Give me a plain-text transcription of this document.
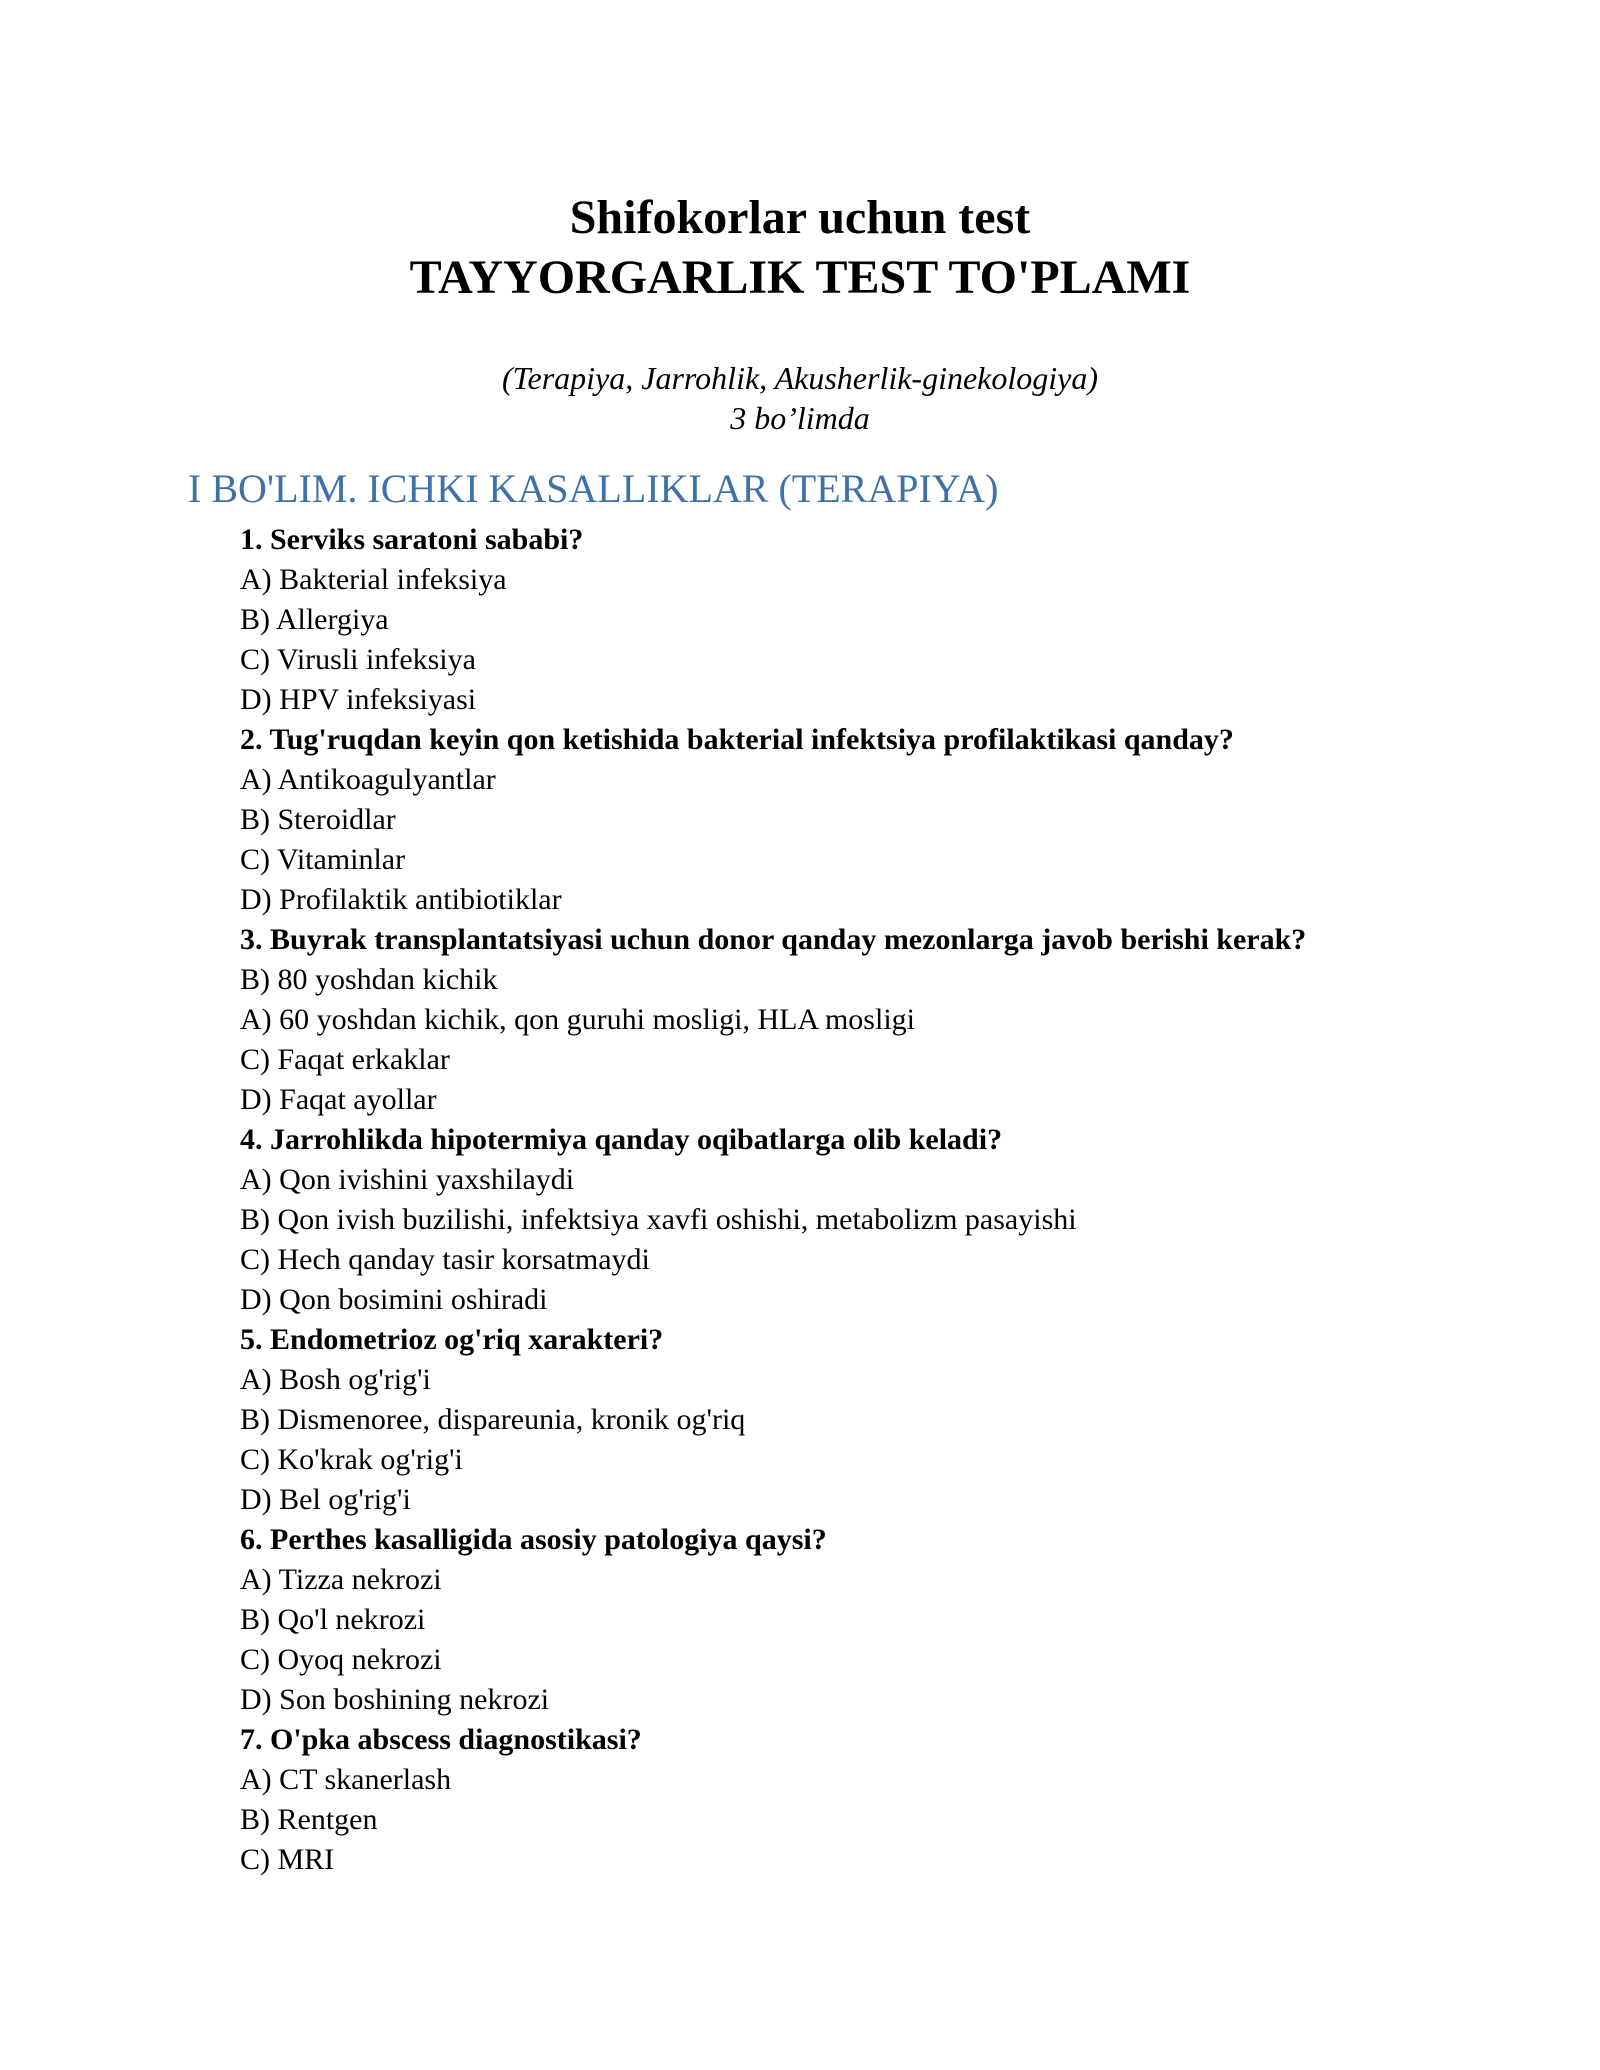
Shifokorlar uchun test
TAYYORGARLIK TEST TO'PLAMI
(Terapiya, Jarrohlik, Akusherlik-ginekologiya)
3 bo’limda
I BO'LIM. ICHKI KASALLIKLAR (TERAPIYA)
1. Serviks saratoni sababi?
A) Bakterial infeksiya
B) Allergiya
C) Virusli infeksiya
D) HPV infeksiyasi
2. Tug'ruqdan keyin qon ketishida bakterial infektsiya profilaktikasi qanday?
A) Antikoagulyantlar
B) Steroidlar
C) Vitaminlar
D) Profilaktik antibiotiklar
3. Buyrak transplantatsiyasi uchun donor qanday mezonlarga javob berishi kerak?
B) 80 yoshdan kichik
A) 60 yoshdan kichik, qon guruhi mosligi, HLA mosligi
C) Faqat erkaklar
D) Faqat ayollar
4. Jarrohlikda hipotermiya qanday oqibatlarga olib keladi?
A) Qon ivishini yaxshilaydi
B) Qon ivish buzilishi, infektsiya xavfi oshishi, metabolizm pasayishi
C) Hech qanday tasir korsatmaydi
D) Qon bosimini oshiradi
5. Endometrioz og'riq xarakteri?
A) Bosh og'rig'i
B) Dismenoree, dispareunia, kronik og'riq
C) Ko'krak og'rig'i
D) Bel og'rig'i
6. Perthes kasalligida asosiy patologiya qaysi?
A) Tizza nekrozi
B) Qo'l nekrozi
C) Oyoq nekrozi
D) Son boshining nekrozi
7. O'pka abscess diagnostikasi?
A) CT skanerlash
B) Rentgen
C) MRI
